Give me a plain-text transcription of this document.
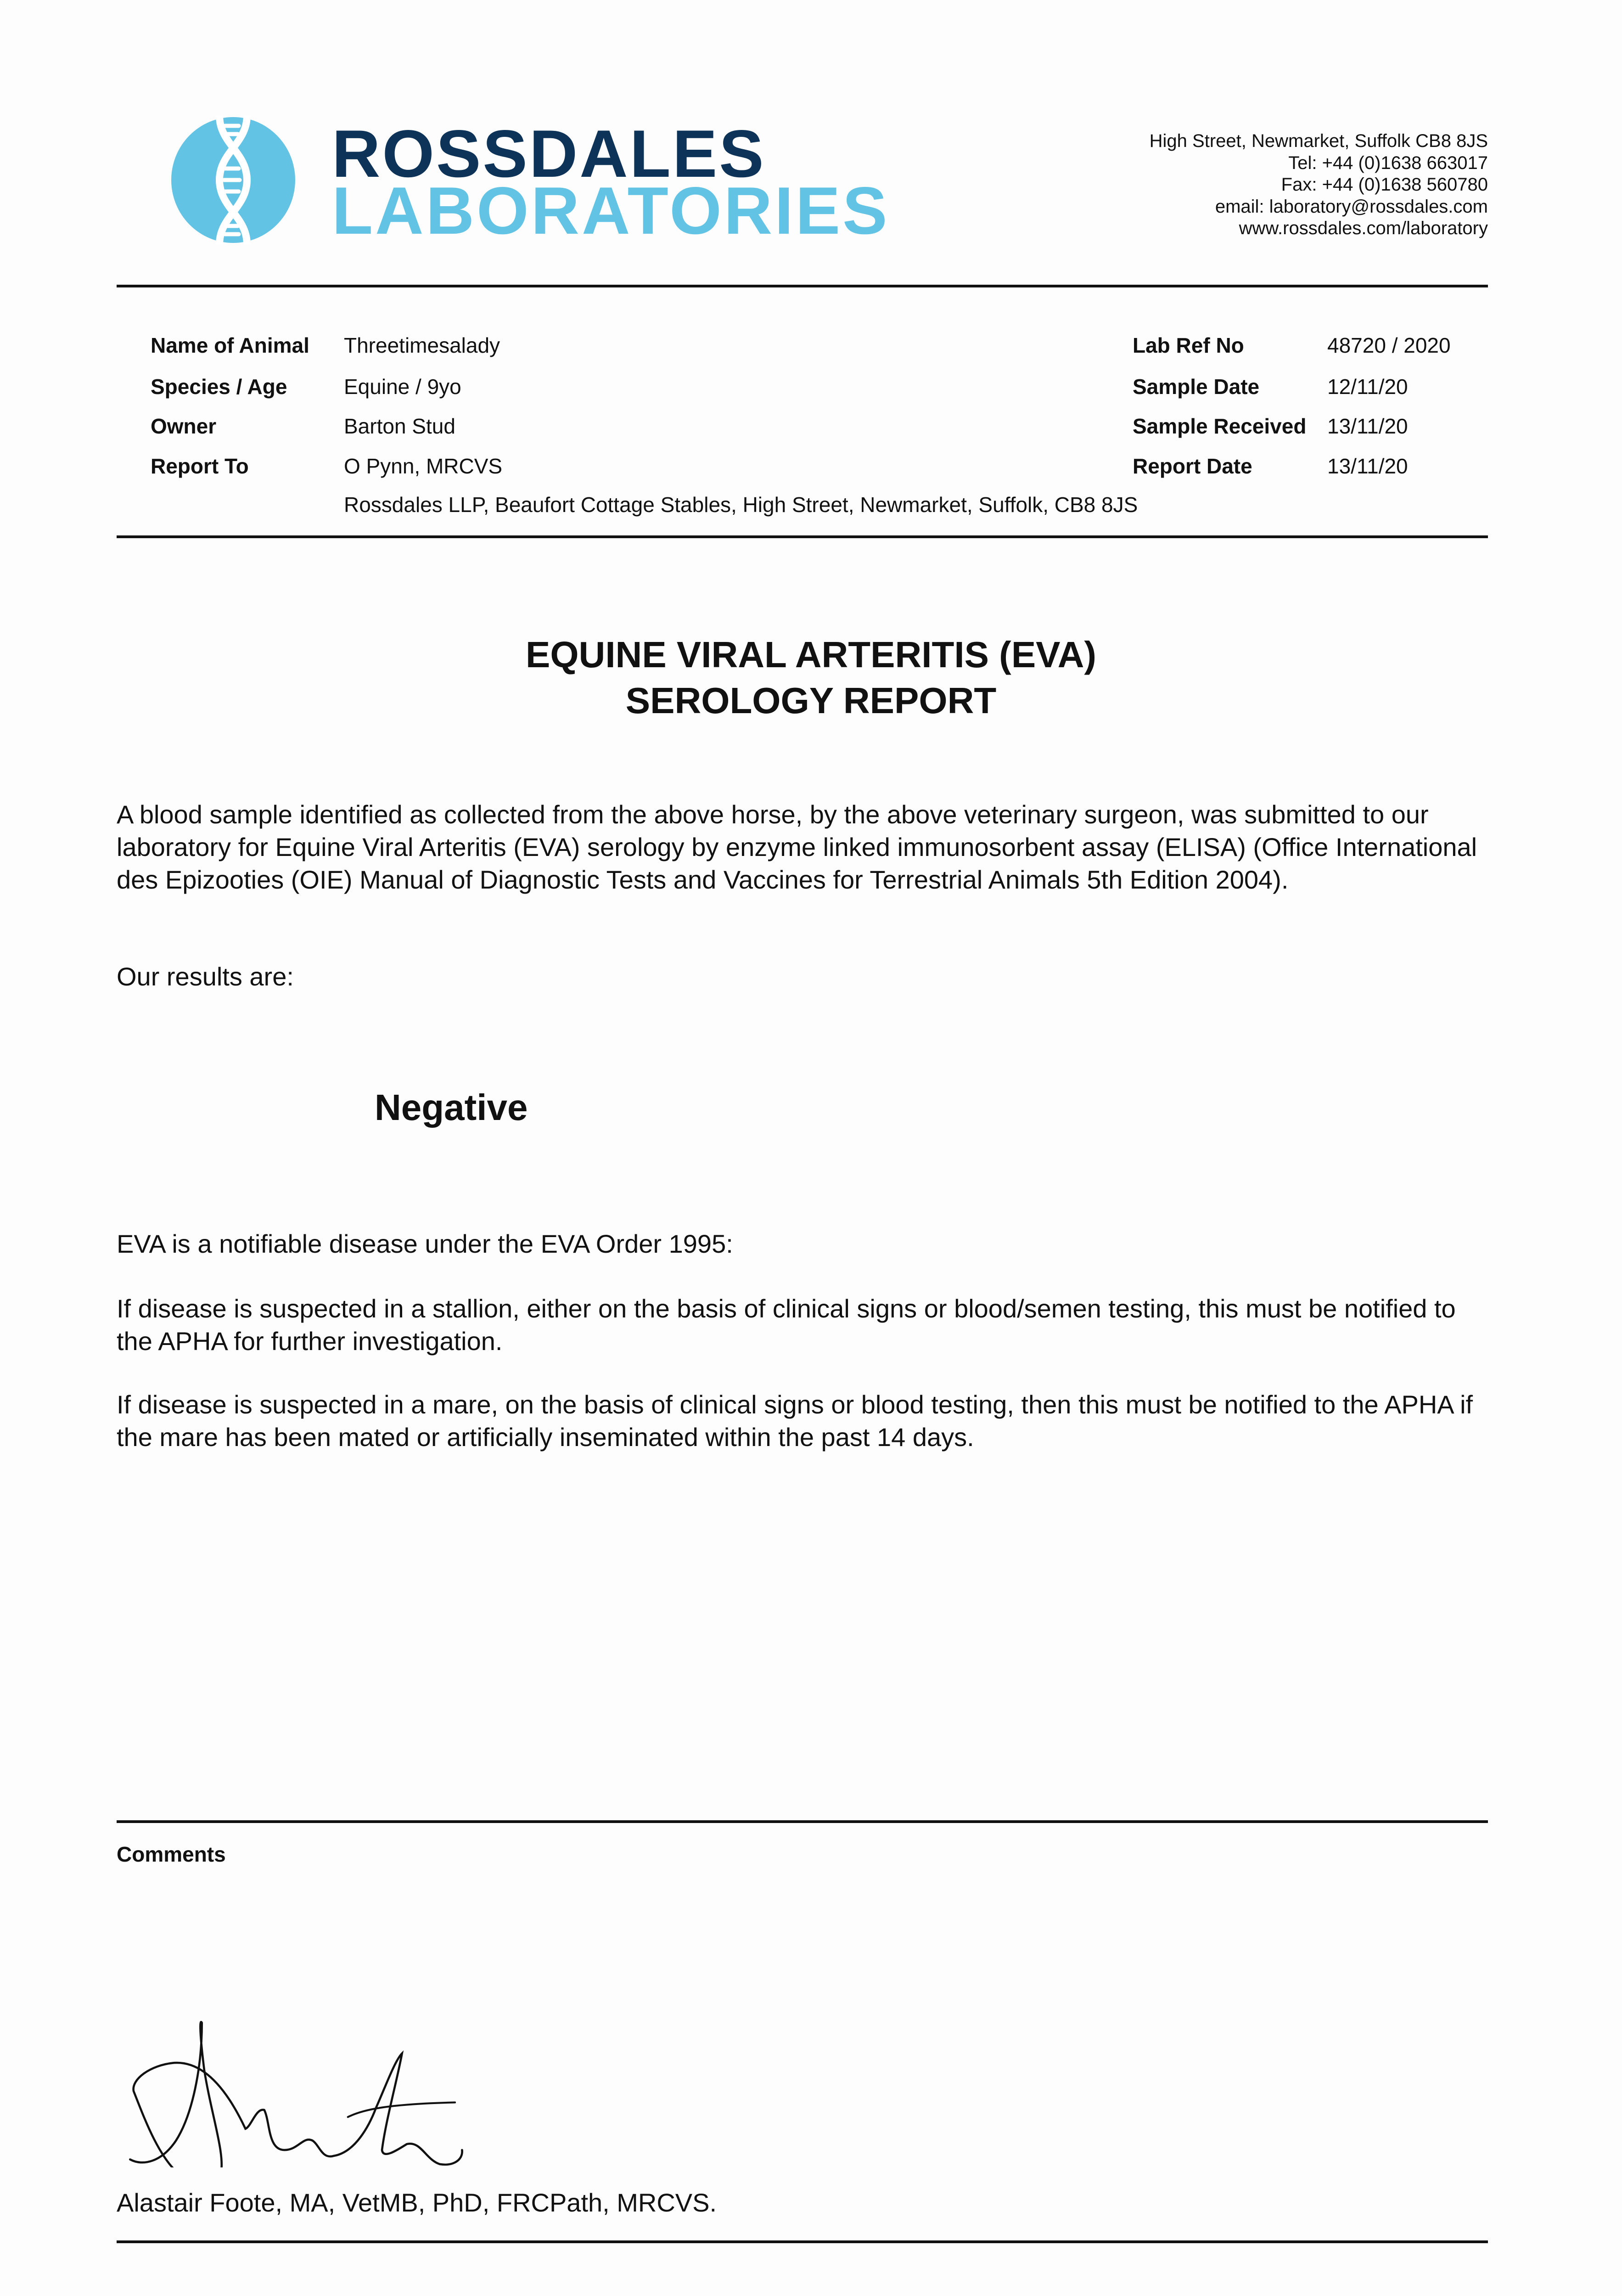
ROSSDALES
LABORATORIES
High Street, Newmarket, Suffolk CB8 8JS
Tel: +44 (0)1638 663017
Fax: +44 (0)1638 560780
email: laboratory@rossdales.com
www.rossdales.com/laboratory
Name of Animal Threetimesalady
Species / Age	Equine / 9yo
Owner	Barton Stud
Report To	O Pynn, MRCVS
Rossdales LLP, Beaufort Cottage Stables, High Street, Newmarket, Suffolk, CB8 8JS
Lab Ref No	48720 / 2020
Sample Date	12/11/20
Sample Received 13/11/20
Report Date	13/11/20
EQUINE VIRAL ARTERITIS (EVA)
SEROLOGY REPORT
A blood sample identified as collected from the above horse, by the above veterinary surgeon, was submitted to our laboratory for Equine Viral Arteritis (EVA) serology by enzyme linked immunosorbent assay (ELISA) (Office International des Epizooties (OIE) Manual of Diagnostic Tests and Vaccines for Terrestrial Animals 5th Edition 2004).
Our results are:
Negative
EVA is a notifiable disease under the EVA Order 1995:
If disease is suspected in a stallion, either on the basis of clinical signs or blood/semen testing, this must be notified to the APHA for further investigation.
If disease is suspected in a mare, on the basis of clinical signs or blood testing, then this must be notified to the APHA if the mare has been mated or artificially inseminated within the past 14 days.
Comments
Alastair Foote, MA, VetMB, PhD, FRCPath, MRCVS.
